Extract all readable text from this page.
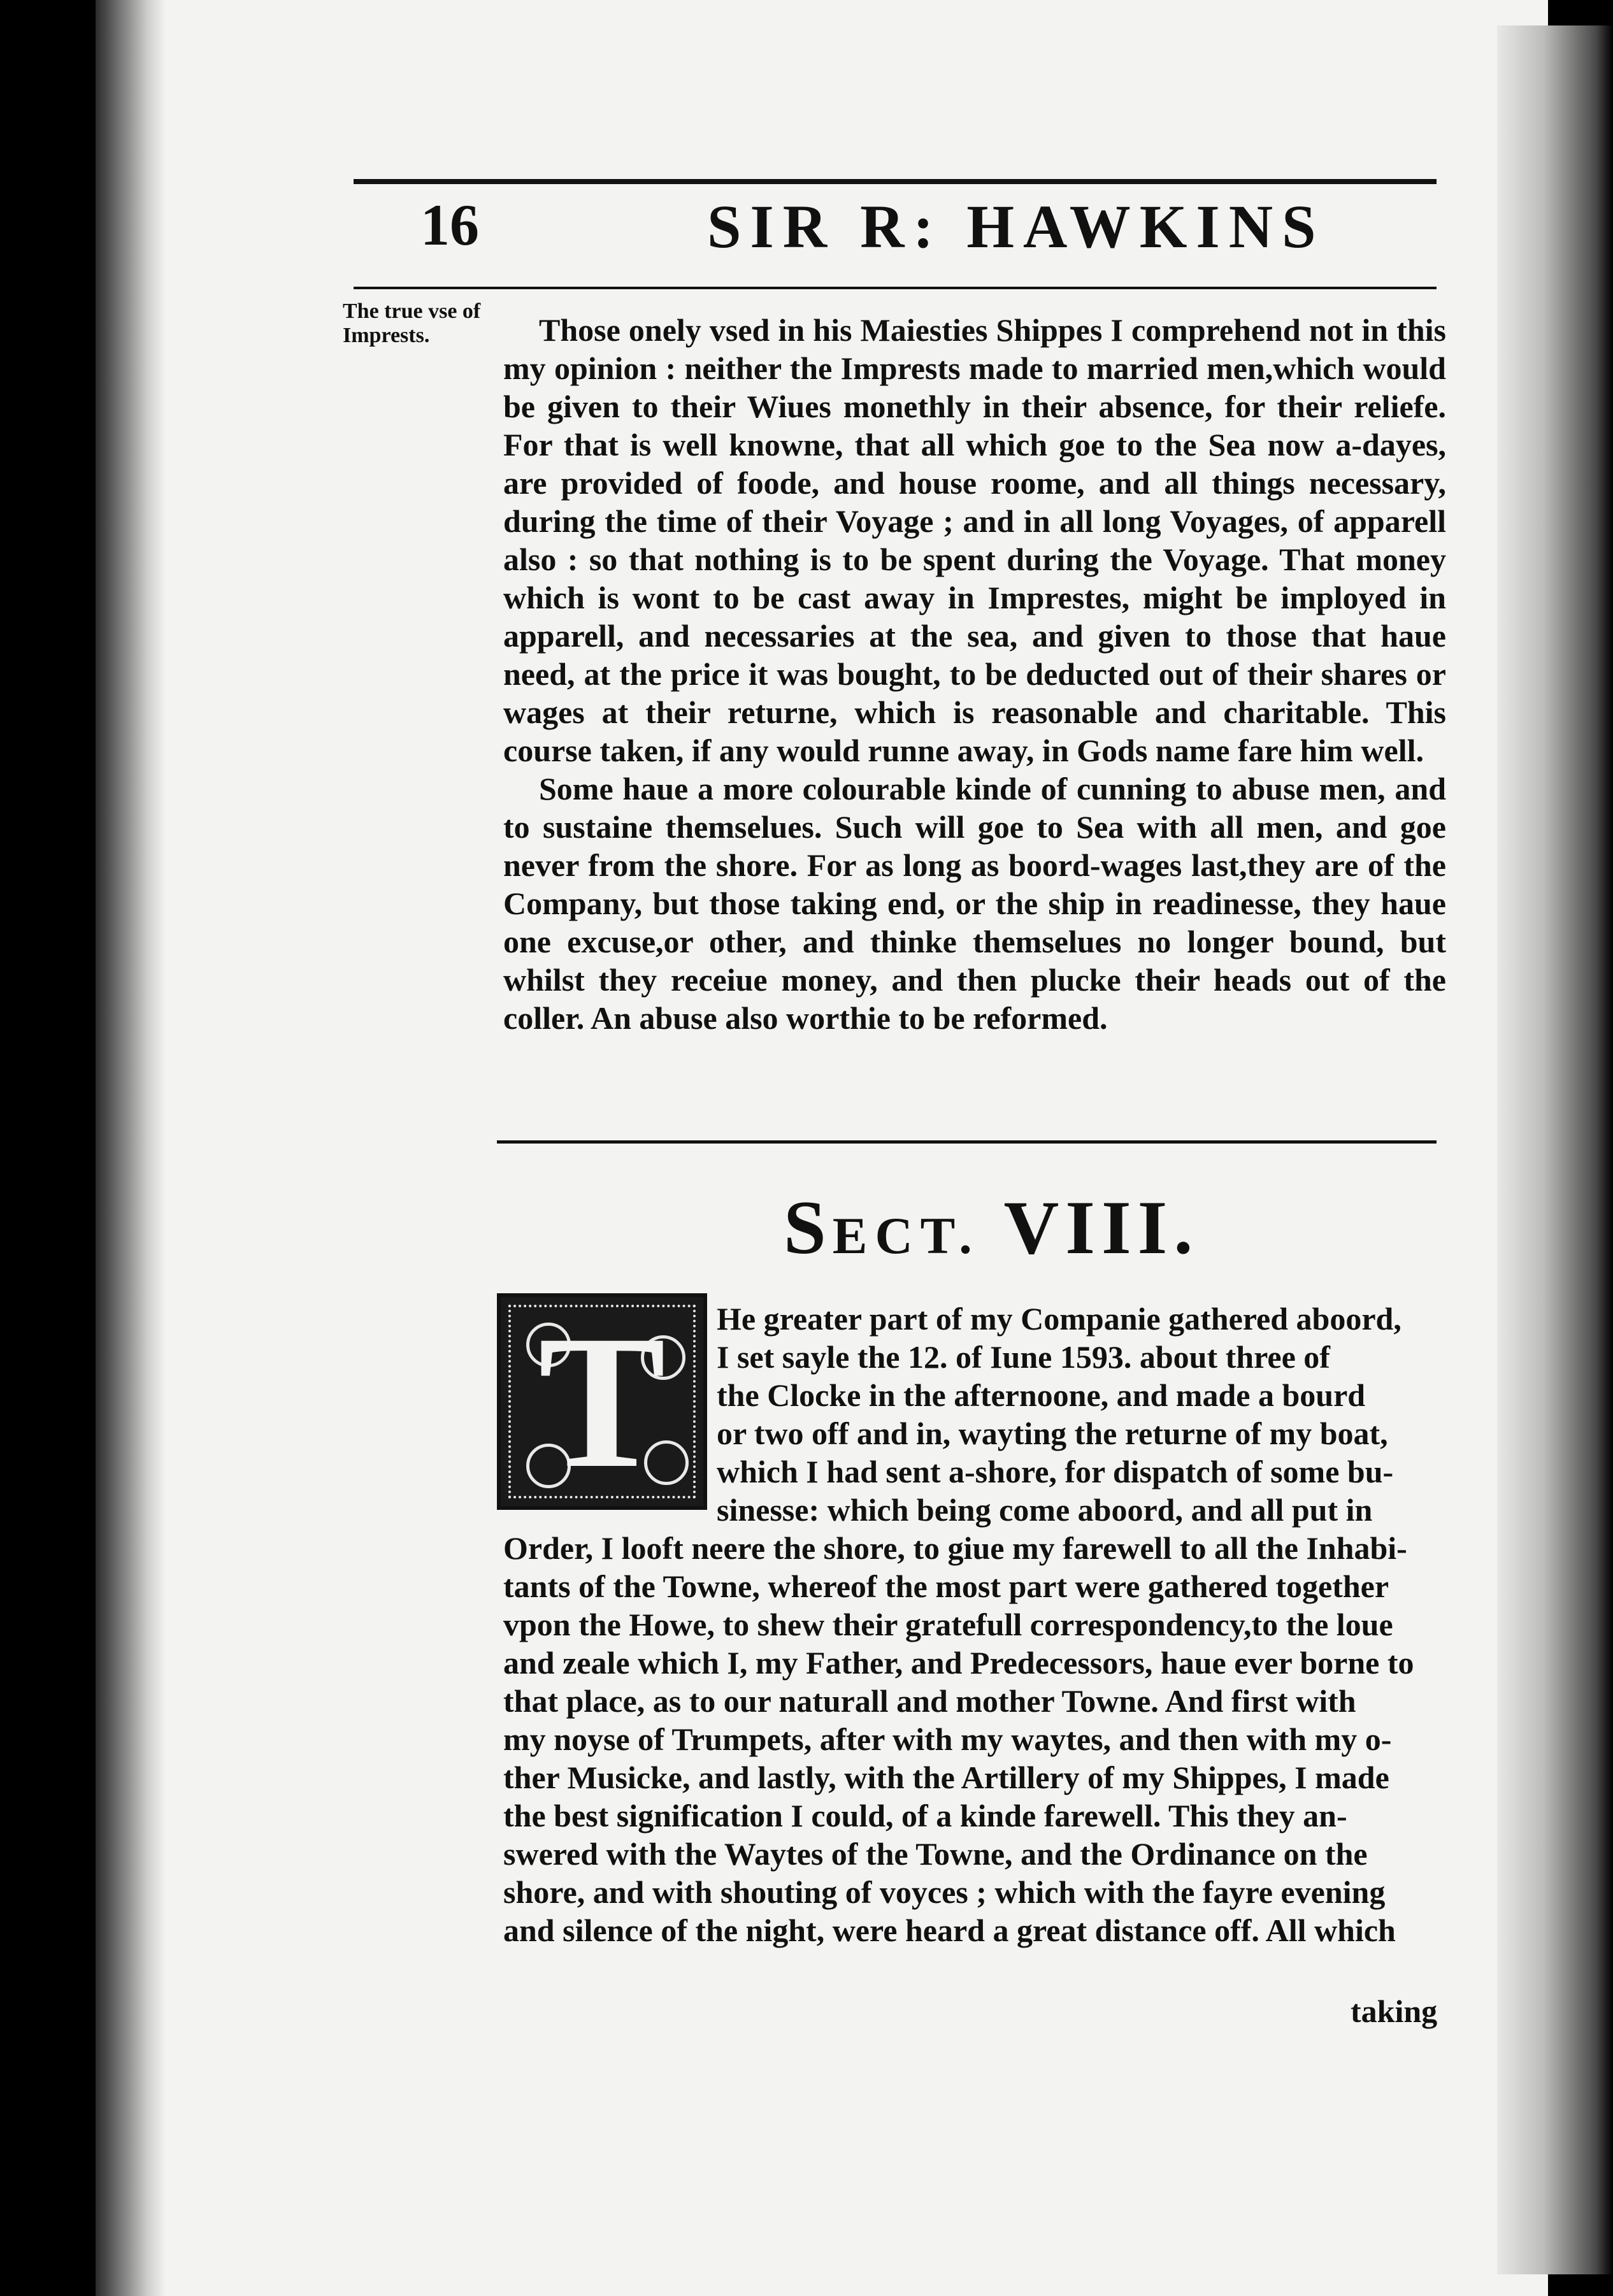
16	SIR R: HAWKINS
The true vse of Imprests.	Those onely vsed in his Maiesties Shippes I comprehend not in this my opinion : neither the Imprests made to married men,which would be given to their Wiues monethly in their absence, for their reliefe. For that is well knowne, that all which goe to the Sea now a-dayes, are provided of foode, and house roome, and all things necessary, during the time of their Voyage ; and in all long Voyages, of apparell also : so that nothing is to be spent during the Voyage. That money which is wont to be cast away in Imprestes, might be imployed in apparell, and necessaries at the sea, and given to those that haue need, at the price it was bought, to be deducted out of their shares or wages at their returne, which is reasonable and charitable. This course taken, if any would runne away, in Gods name fare him well.

Some haue a more colourable kinde of cunning to abuse men, and to sustaine themselues. Such will goe to Sea with all men, and goe never from the shore. For as long as boord-wages last,they are of the Company, but those taking end, or the ship in readinesse, they haue one excuse,or other, and thinke themselues no longer bound, but whilst they receiue money, and then plucke their heads out of the coller. An abuse also worthie to be reformed.

SECT. VIII.
T	He greater part of my Companie gathered aboord,
I set sayle the 12. of Iune 1593. about three of
the Clocke in the afternoone, and made a bourd
or two off and in, wayting the returne of my boat,
which I had sent a-shore, for dispatch of some bu-
sinesse: which being come aboord, and all put in
Order, I looft neere the shore, to giue my farewell to all the Inhabi-
tants of the Towne, whereof the most part were gathered together
vpon the Howe, to shew their gratefull correspondency,to the loue
and zeale which I, my Father, and Predecessors, haue ever borne to
that place, as to our naturall and mother Towne. And first with
my noyse of Trumpets, after with my waytes, and then with my o-
ther Musicke, and lastly, with the Artillery of my Shippes, I made
the best signification I could, of a kinde farewell. This they an-
swered with the Waytes of the Towne, and the Ordinance on the
shore, and with shouting of voyces ; which with the fayre evening
and silence of the night, were heard a great distance off. All which
taking
